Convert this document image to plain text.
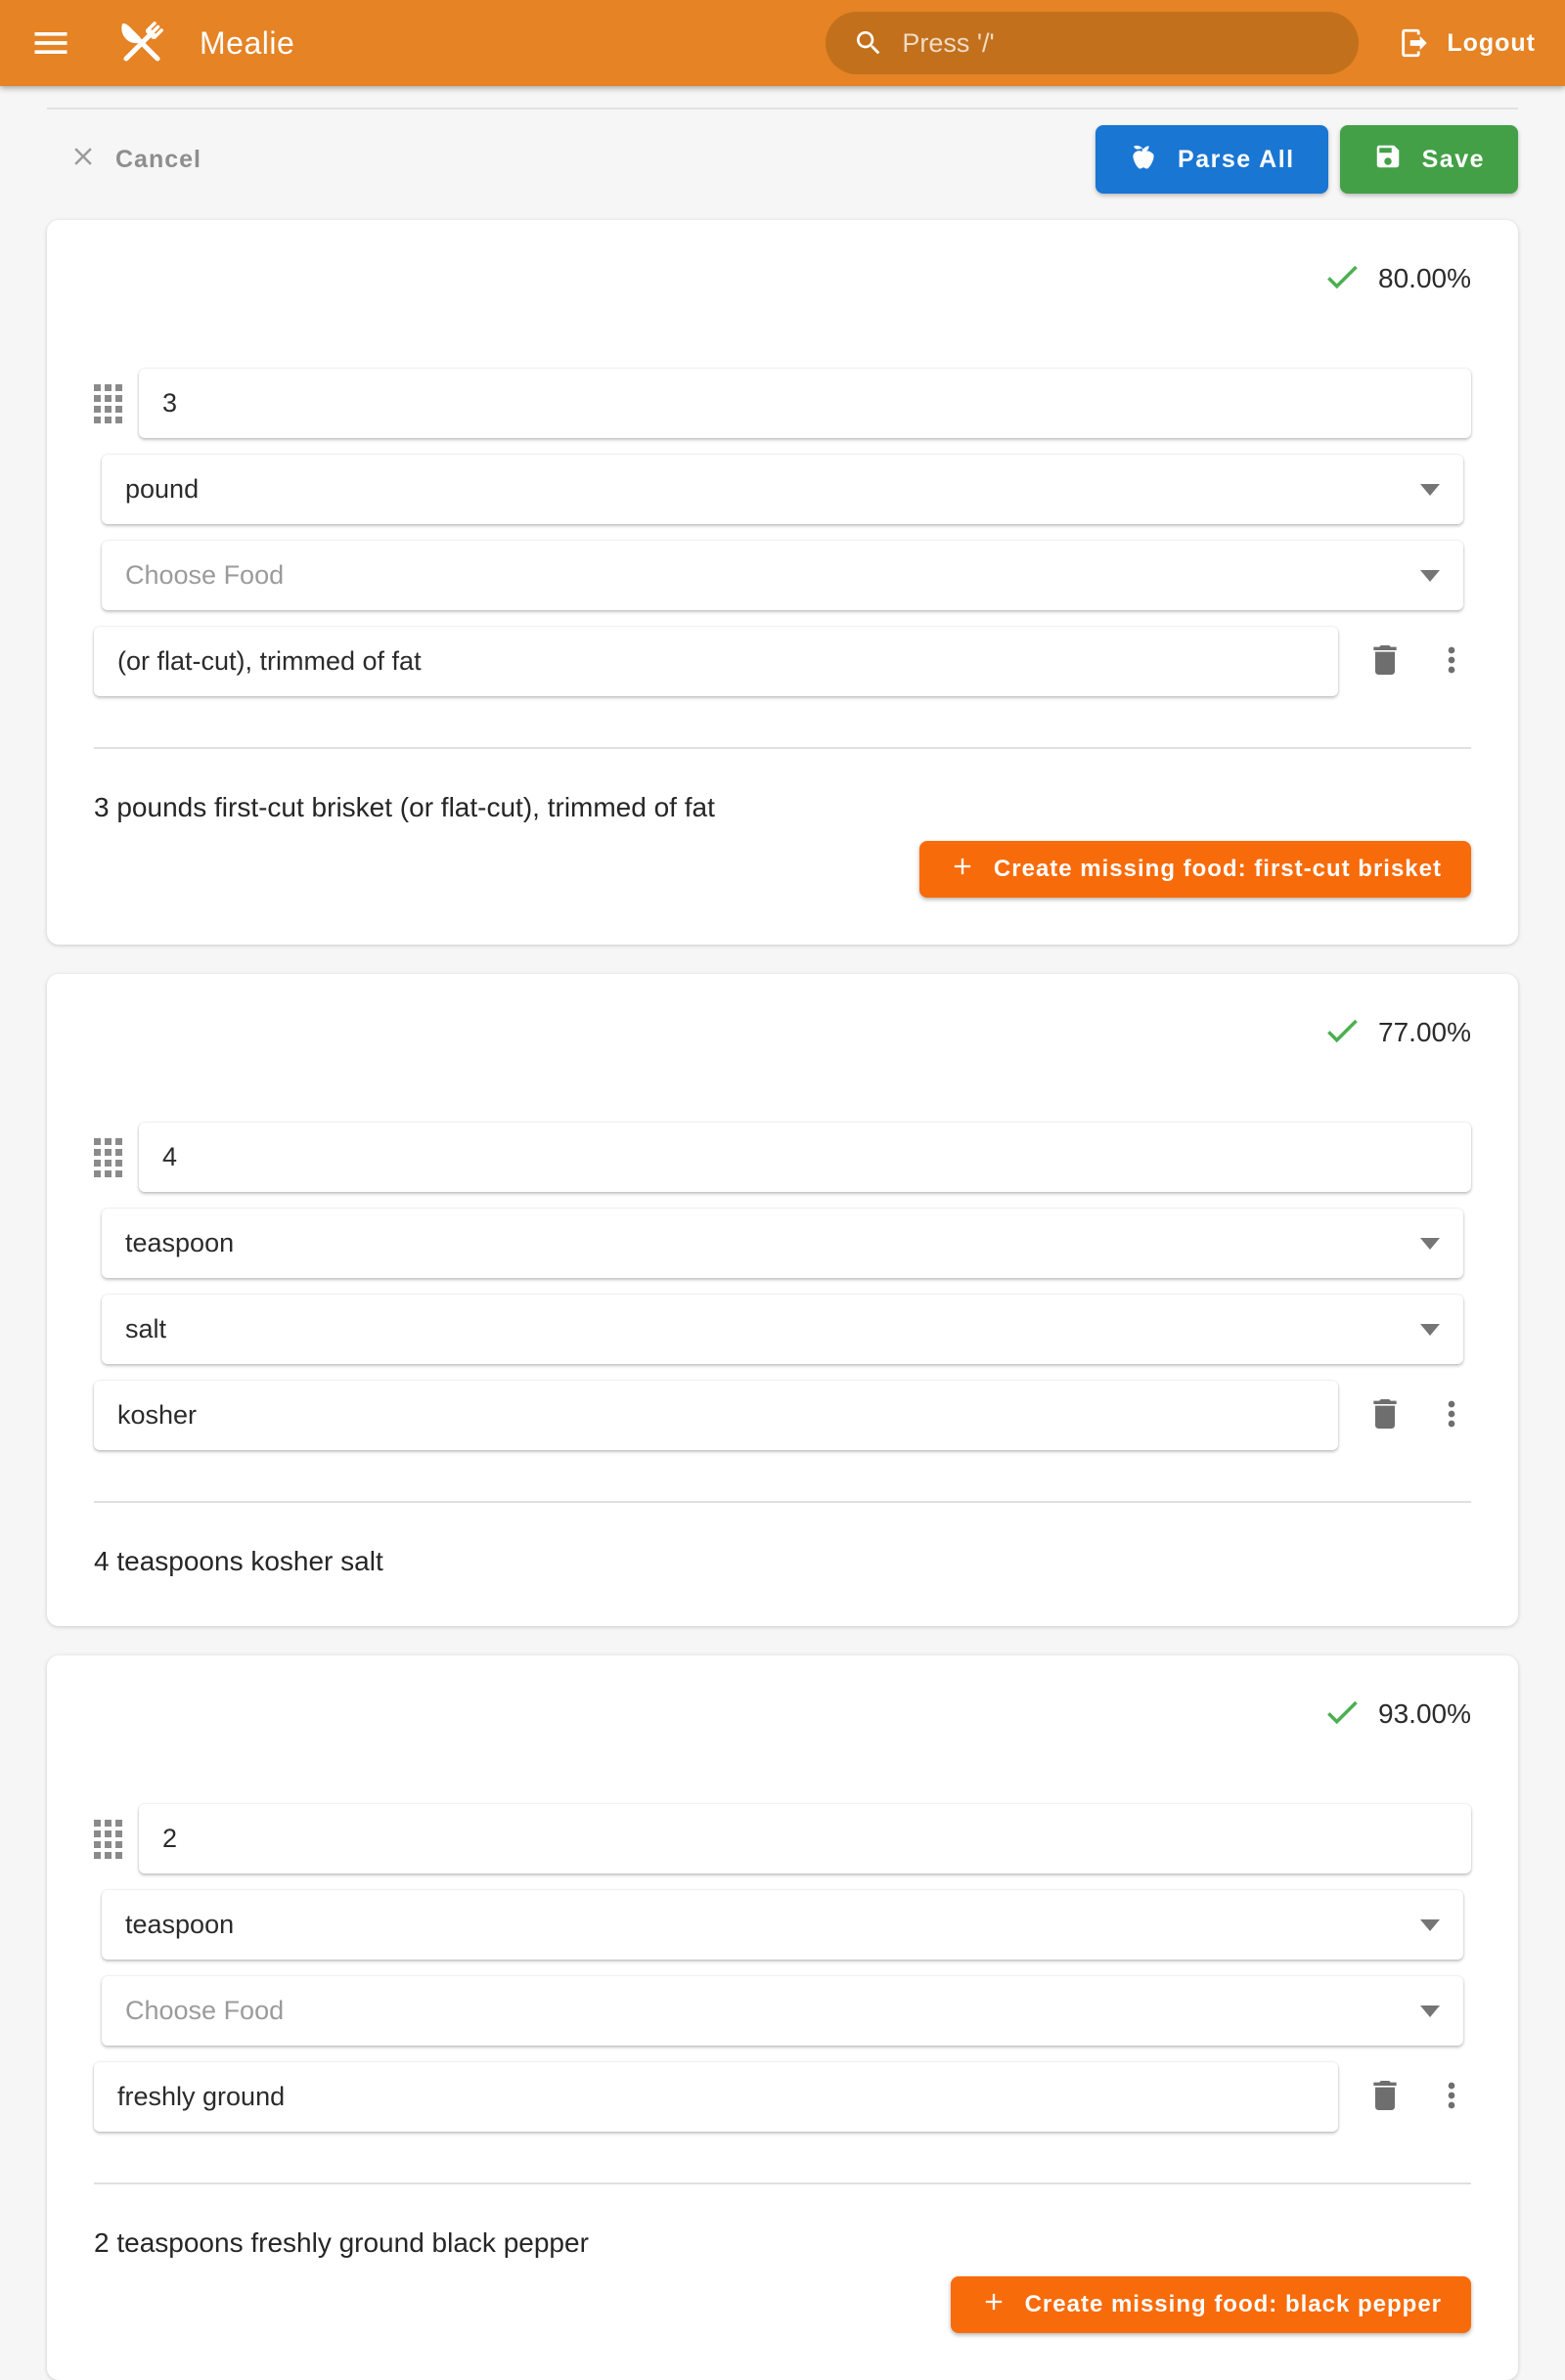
Mealie
Press '/'	Logout
Cancel	Parse All	Save
80.00%
3
pound
Choose Food
(or flat-cut), trimmed of fat

3 pounds first-cut brisket (or flat-cut), trimmed of fat

Create missing food: first-cut brisket
77.00%
4
teaspoon
salt
kosher

4 teaspoons kosher salt

93.00%
2
teaspoon
Choose Food
freshly ground

2 teaspoons freshly ground black pepper

Create missing food: black pepper
